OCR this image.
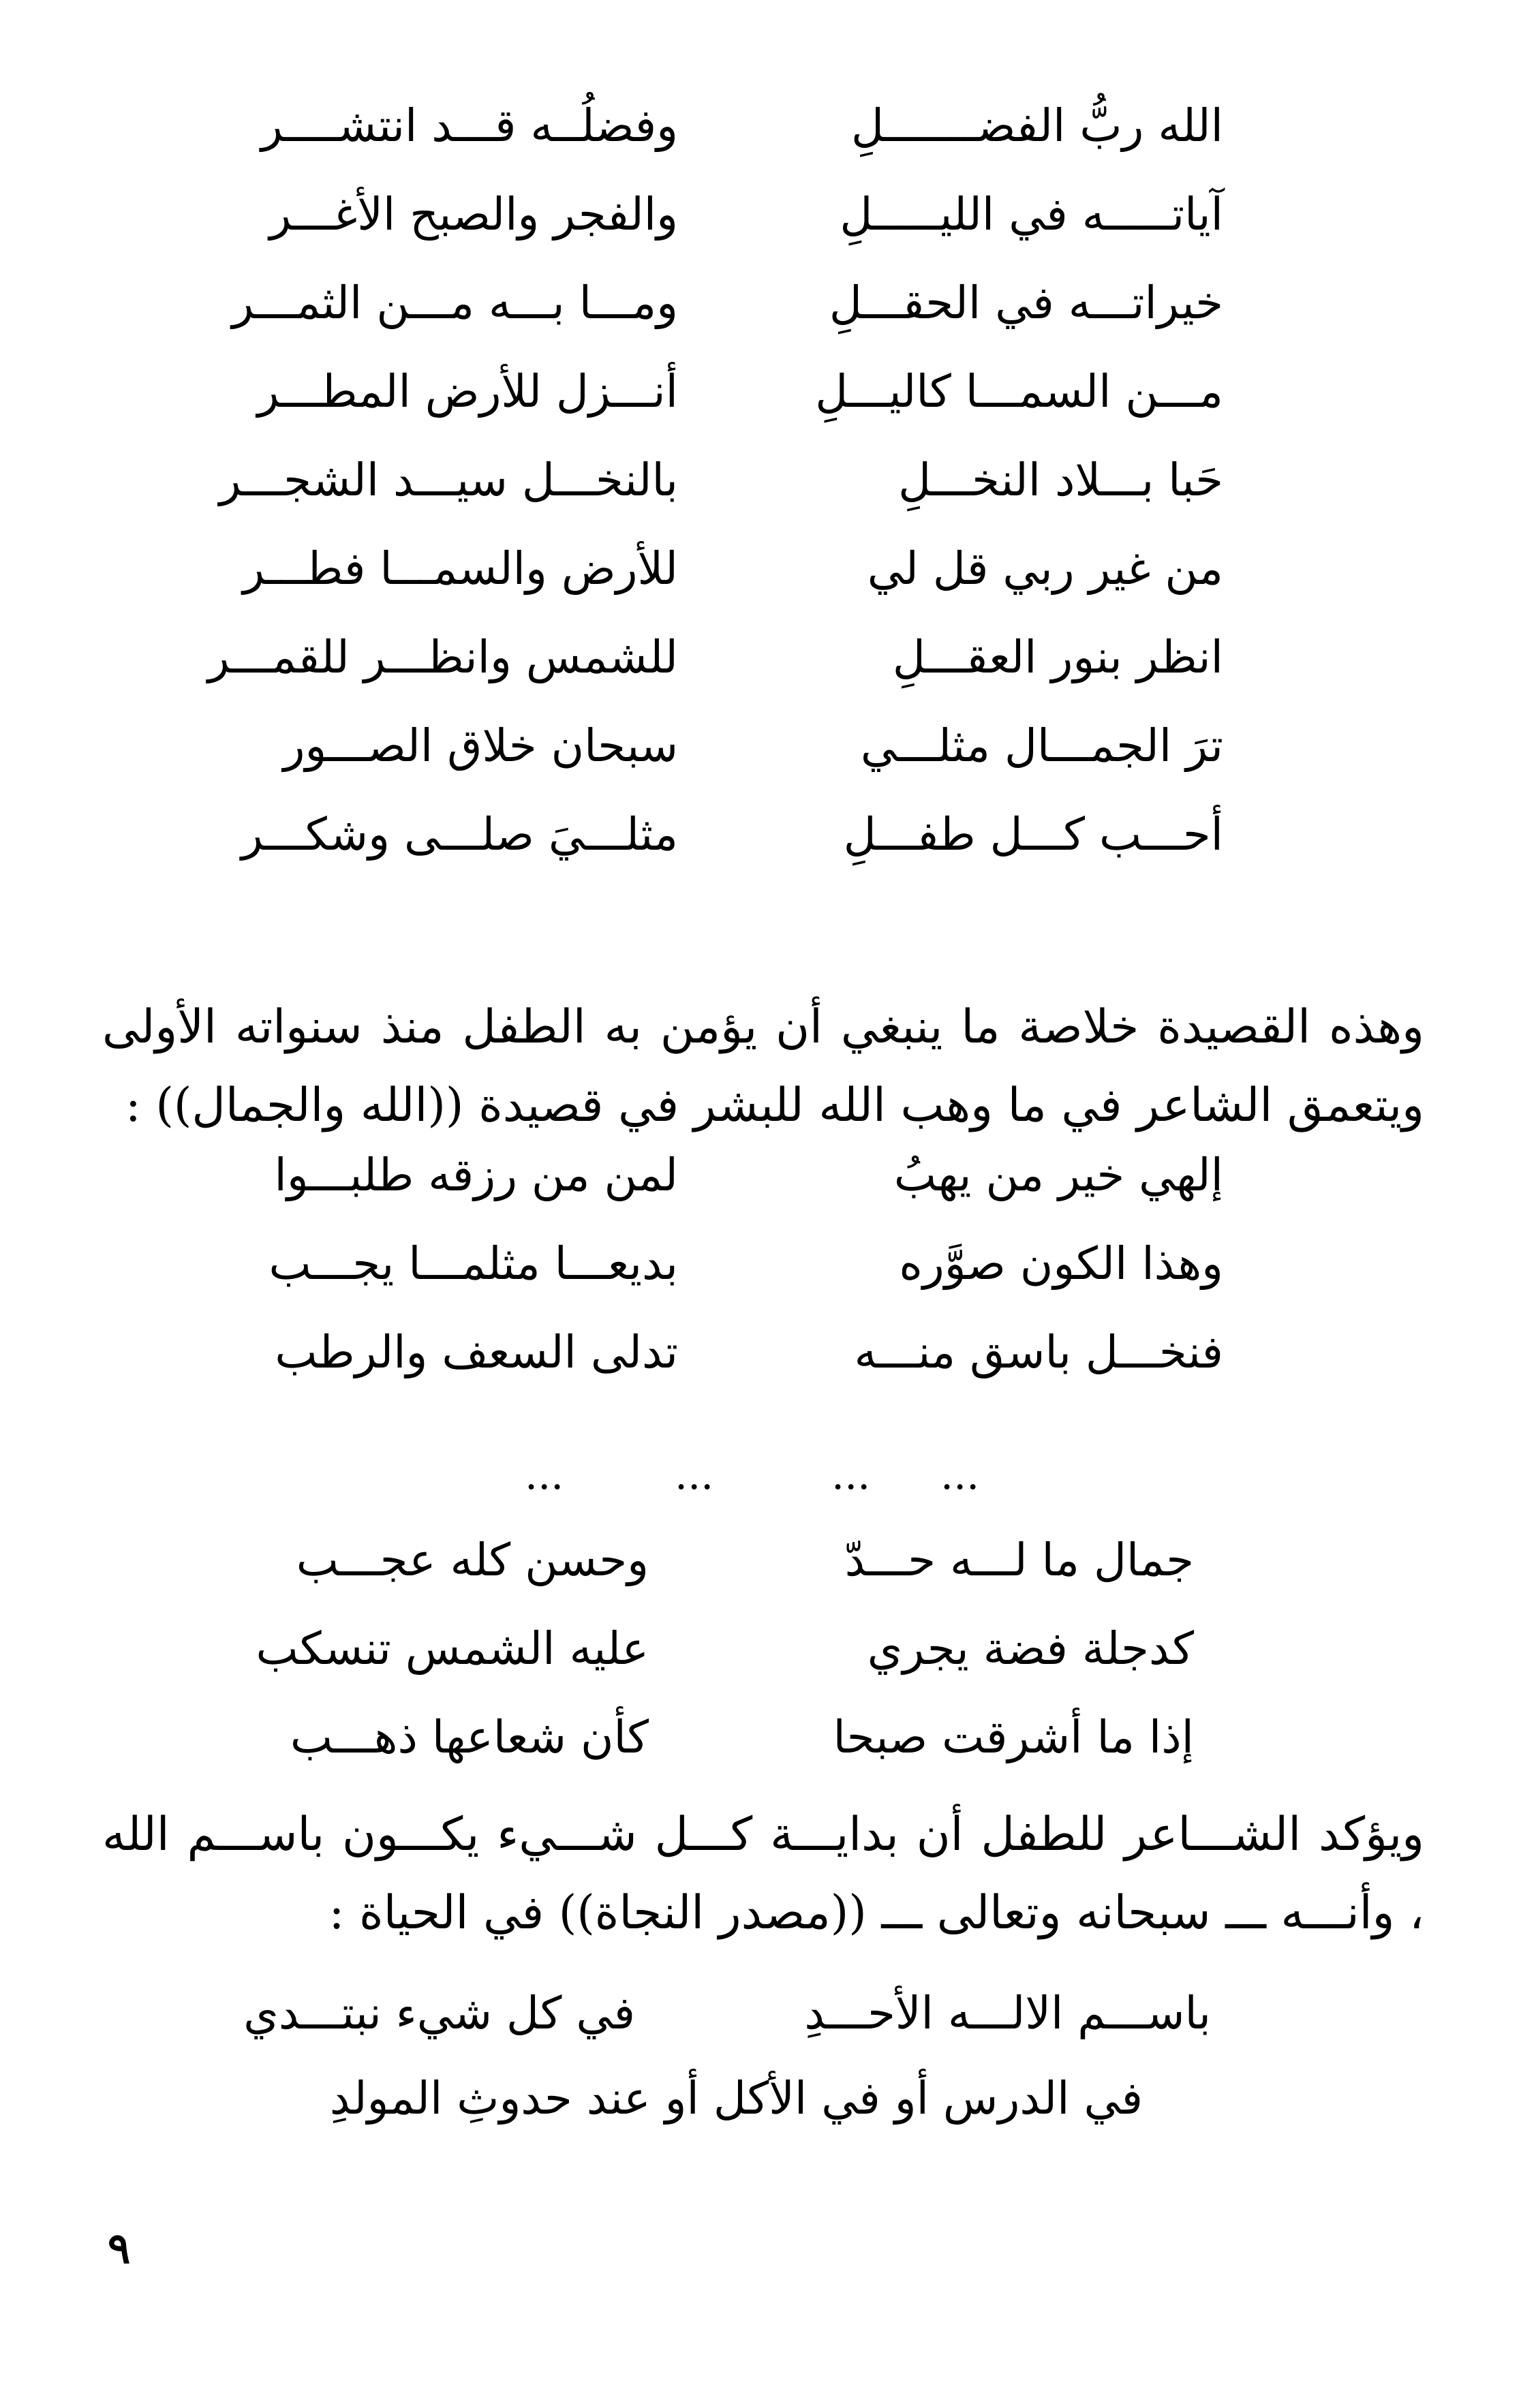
الله ربُّ الفضـــــــلِ
وفضلُــه قـــد انتشــــر
آياتـــــه في الليـــــلِ
والفجر والصبح الأغـــر
خيراتـــه في الحقـــلِ
ومـــا بـــه مـــن الثمـــر
مـــن السمـــا كاليـــلِ
أنـــزل للأرض المطـــر
حَبا بـــلاد النخـــلِ
بالنخـــل سيـــد الشجـــر
من غير ربي قل لي
للأرض والسمـــا فطـــر
انظر بنور العقـــلِ
للشمس وانظـــر للقمـــر
ترَ الجمـــال مثلـــي
سبحان خلاق الصـــور
أحـــب كـــل طفـــلِ
مثلـــيَ صلـــى وشكـــر

وهذه القصيدة خلاصة ما ينبغي أن يؤمن به الطفل منذ سنواته الأولى ويتعمق الشاعر في ما وهب الله للبشر في قصيدة ((الله والجمال)) :

إلهي خير من يهبُ
لمن من رزقه طلبـــوا
وهذا الكون صوَّره
بديعـــا مثلمـــا يجـــب
فنخـــل باسق منـــه
تدلى السعف والرطب
...
...
...
...
جمال ما لـــه حـــدّ
وحسن كله عجـــب
كدجلة فضة يجري
عليه الشمس تنسكب
إذا ما أشرقت صبحا
كأن شعاعها ذهـــب

ويؤكد الشـــاعر للطفل أن بدايـــة كـــل شـــيء يكـــون باســـم الله ، وأنـــه ـــ سبحانه وتعالى ـــ ((مصدر النجاة)) في الحياة :

باســـم الالـــه الأحـــدِ
في كل شيء نبتـــدي
في الدرس أو في الأكل أو عند حدوثِ المولدِ
٩
